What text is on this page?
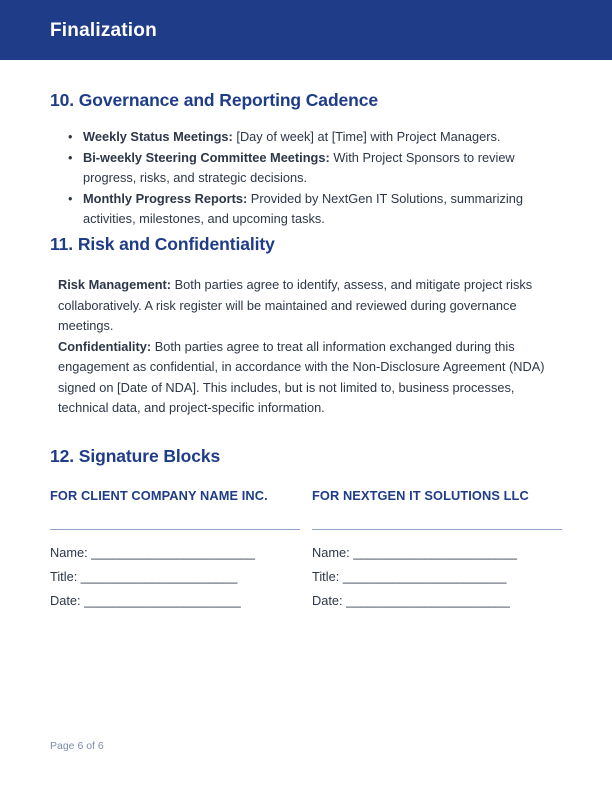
Finalization
10. Governance and Reporting Cadence
• Weekly Status Meetings: [Day of week] at [Time] with Project Managers.
• Bi-weekly Steering Committee Meetings: With Project Sponsors to review progress, risks, and strategic decisions.
• Monthly Progress Reports: Provided by NextGen IT Solutions, summarizing activities, milestones, and upcoming tasks.
11. Risk and Confidentiality

Risk Management: Both parties agree to identify, assess, and mitigate project risks collaboratively. A risk register will be maintained and reviewed during governance meetings.

Confidentiality: Both parties agree to treat all information exchanged during this engagement as confidential, in accordance with the Non-Disclosure Agreement (NDA) signed on [Date of NDA]. This includes, but is not limited to, business processes, technical data, and project-specific information.

12. Signature Blocks
FOR CLIENT COMPANY NAME INC.
Name: _______________________
Title: ______________________
Date: ______________________
FOR NEXTGEN IT SOLUTIONS LLC
Name: _______________________
Title: _______________________
Date: _______________________
Page 6 of 6
